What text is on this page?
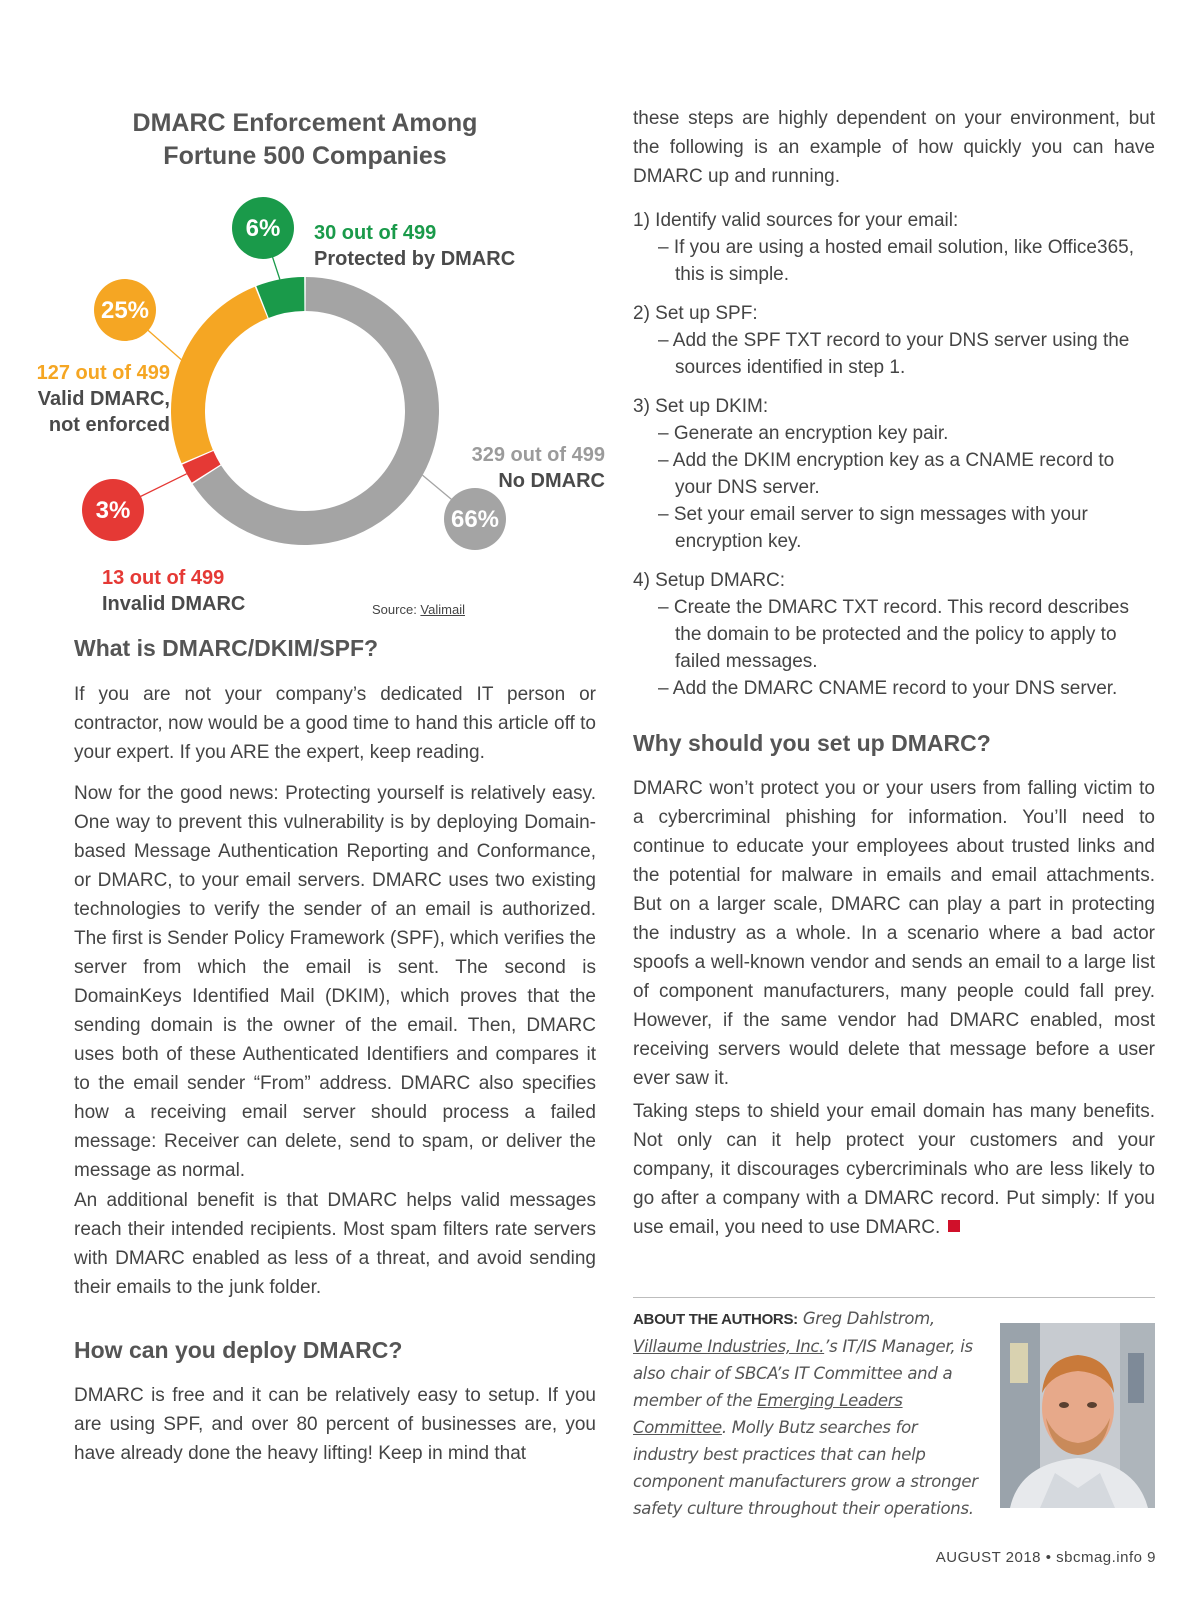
DMARC Enforcement Among Fortune 500 Companies
6%
66%
3%
25%

30 out of 499
Protected by DMARC

127 out of 499
Valid DMARC,
not enforced

329 out of 499
No DMARC

13 out of 499
Invalid DMARC	Source: Valimail

What is DMARC/DKIM/SPF?

If you are not your company’s dedicated IT person or contractor, now would be a good time to hand this article off to your expert. If you ARE the expert, keep reading.

Now for the good news: Protecting yourself is relatively easy. One way to prevent this vulnerability is by deploying Domain-based Message Authentication Reporting and Conformance, or DMARC, to your email servers. DMARC uses two existing technologies to verify the sender of an email is authorized. The first is Sender Policy Framework (SPF), which verifies the server from which the email is sent. The second is DomainKeys Identified Mail (DKIM), which proves that the sending domain is the owner of the email. Then, DMARC uses both of these Authenticated Identifiers and compares it to the email sender “From” address. DMARC also specifies how a receiving email server should process a failed message: Receiver can delete, send to spam, or deliver the message as normal.

An additional benefit is that DMARC helps valid messages reach their intended recipients. Most spam filters rate servers with DMARC enabled as less of a threat, and avoid sending their emails to the junk folder.

How can you deploy DMARC?

DMARC is free and it can be relatively easy to setup. If you are using SPF, and over 80 percent of businesses are, you have already done the heavy lifting! Keep in mind that

these steps are highly dependent on your environment, but the following is an example of how quickly you can have DMARC up and running.

1) Identify valid sources for your email:

– If you are using a hosted email solution, like Office365, this is simple.

2) Set up SPF:

– Add the SPF TXT record to your DNS server using the sources identified in step 1.

3) Set up DKIM:

– Generate an encryption key pair.

– Add the DKIM encryption key as a CNAME record to your DNS server.

– Set your email server to sign messages with your encryption key.

4) Setup DMARC:

– Create the DMARC TXT record. This record describes the domain to be protected and the policy to apply to failed messages.

– Add the DMARC CNAME record to your DNS server.

Why should you set up DMARC?

DMARC won’t protect you or your users from falling victim to a cybercriminal phishing for information. You’ll need to continue to educate your employees about trusted links and the potential for malware in emails and email attachments. But on a larger scale, DMARC can play a part in protecting the industry as a whole. In a scenario where a bad actor spoofs a well-known vendor and sends an email to a large list of component manufacturers, many people could fall prey. However, if the same vendor had DMARC enabled, most receiving servers would delete that message before a user ever saw it.

Taking steps to shield your email domain has many benefits. Not only can it help protect your customers and your company, it discourages cybercriminals who are less likely to go after a company with a DMARC record. Put simply: If you use email, you need to use DMARC.

ABOUT THE AUTHORS: Greg Dahlstrom, Villaume Industries, Inc.’s IT/IS Manager, is also chair of SBCA’s IT Committee and a member of the Emerging Leaders Committee. Molly Butz searches for industry best practices that can help component manufacturers grow a stronger safety culture throughout their operations.

AUGUST 2018 • sbcmag.info 9
